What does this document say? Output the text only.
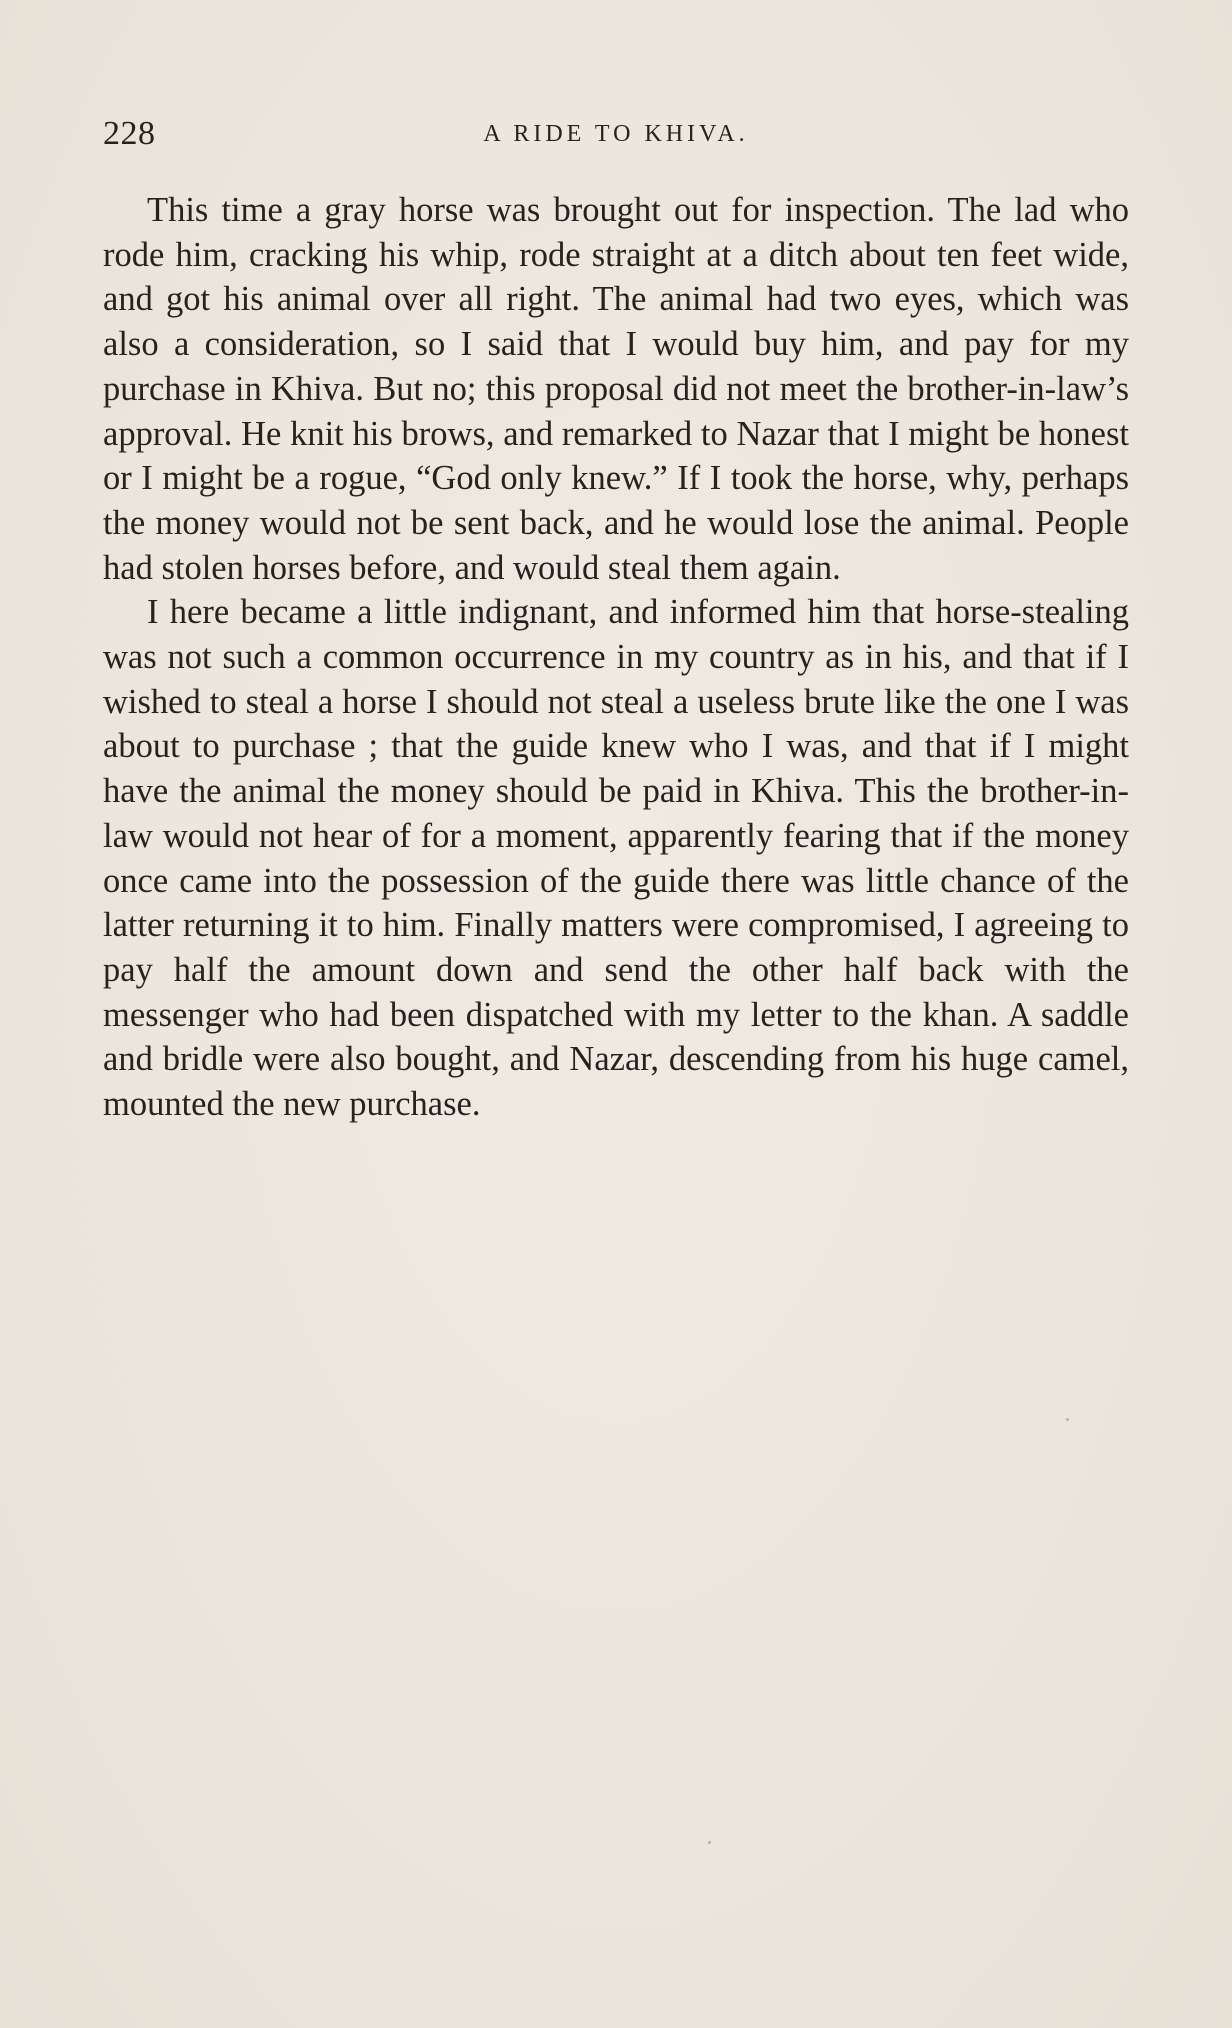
228	A RIDE TO KHIVA.

This time a gray horse was brought out for inspection. The lad who rode him, cracking his whip, rode straight at a ditch about ten feet wide, and got his animal over all right. The animal had two eyes, which was also a consideration, so I said that I would buy him, and pay for my purchase in Khiva. But no; this proposal did not meet the brother-in-law’s approval. He knit his brows, and remarked to Nazar that I might be honest or I might be a rogue, “God only knew.” If I took the horse, why, perhaps the money would not be sent back, and he would lose the animal. People had stolen horses before, and would steal them again.

I here became a little indignant, and informed him that horse-stealing was not such a common occurrence in my country as in his, and that if I wished to steal a horse I should not steal a useless brute like the one I was about to purchase ; that the guide knew who I was, and that if I might have the animal the money should be paid in Khiva. This the brother-in-law would not hear of for a moment, apparently fearing that if the money once came into the possession of the guide there was little chance of the latter returning it to him. Finally matters were compromised, I agreeing to pay half the amount down and send the other half back with the messenger who had been dispatched with my letter to the khan. A saddle and bridle were also bought, and Nazar, descending from his huge camel, mounted the new purchase.
